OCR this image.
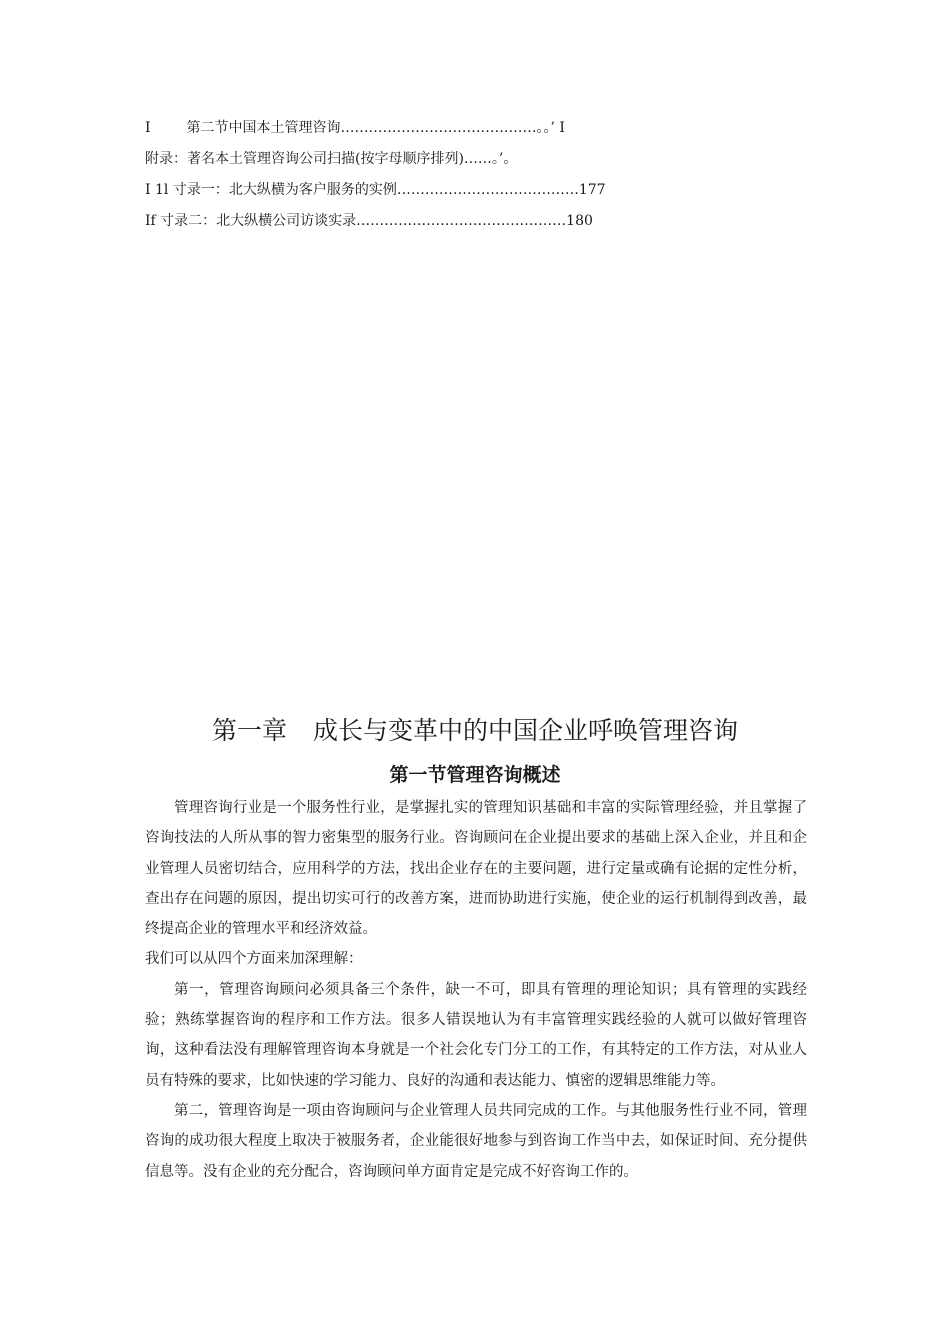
I	第二节中国本土管理咨询……………………………………。。’ I
附录：著名本土管理咨询公司扫描(按字母顺序排列)……。’。
I 1l 寸录一：北大纵横为客户服务的实例…………………………………177
If 寸录二：北大纵横公司访谈实录………………………………………180
第一章 成长与变革中的中国企业呼唤管理咨询
第一节管理咨询概述

管理咨询行业是一个服务性行业，是掌握扎实的管理知识基础和丰富的实际管理经验，并且掌握了咨询技法的人所从事的智力密集型的服务行业。咨询顾问在企业提出要求的基础上深入企业，并且和企业管理人员密切结合，应用科学的方法，找出企业存在的主要问题，进行定量或确有论据的定性分析，查出存在问题的原因，提出切实可行的改善方案，进而协助进行实施，使企业的运行机制得到改善，最终提高企业的管理水平和经济效益。

我们可以从四个方面来加深理解：

第一，管理咨询顾问必须具备三个条件，缺一不可，即具有管理的理论知识；具有管理的实践经验；熟练掌握咨询的程序和工作方法。很多人错误地认为有丰富管理实践经验的人就可以做好管理咨询，这种看法没有理解管理咨询本身就是一个社会化专门分工的工作，有其特定的工作方法，对从业人员有特殊的要求，比如快速的学习能力、良好的沟通和表达能力、慎密的逻辑思维能力等。

第二，管理咨询是一项由咨询顾问与企业管理人员共同完成的工作。与其他服务性行业不同，管理咨询的成功很大程度上取决于被服务者，企业能很好地参与到咨询工作当中去，如保证时间、充分提供信息等。没有企业的充分配合，咨询顾问单方面肯定是完成不好咨询工作的。
